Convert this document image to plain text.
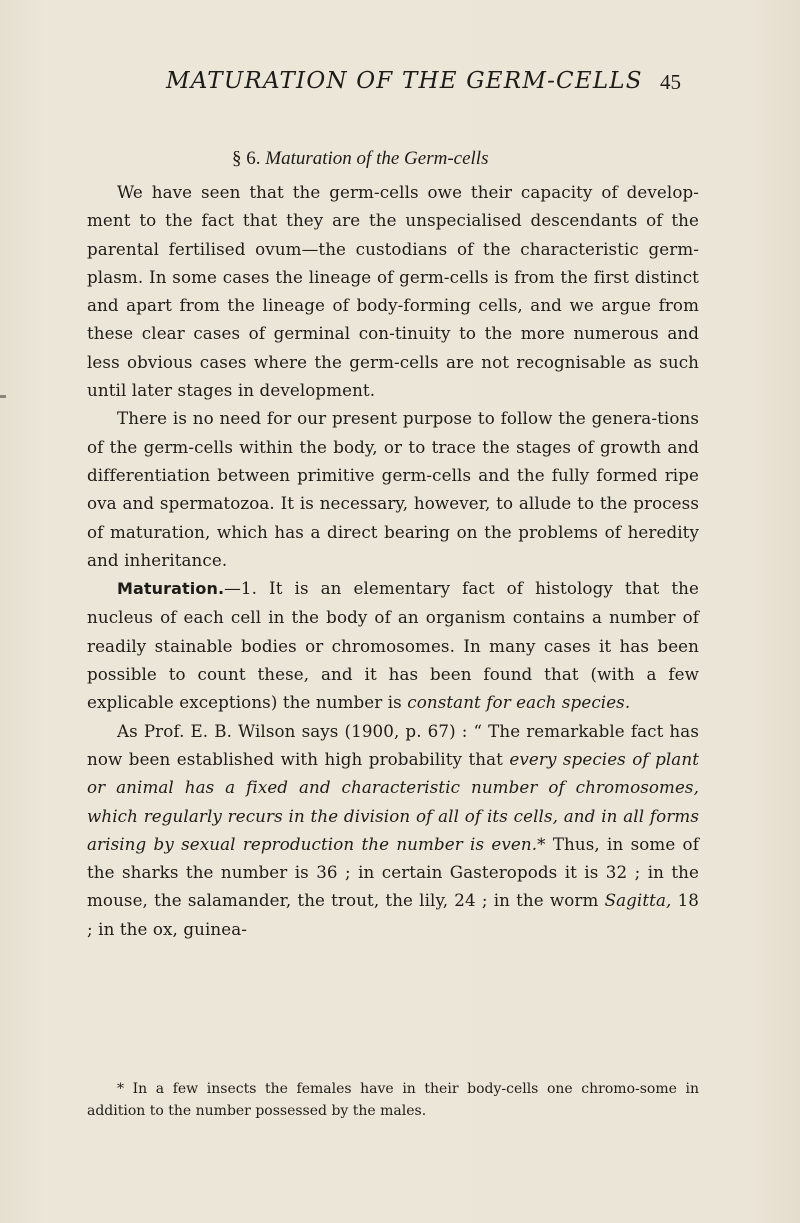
MATURATION OF THE GERM-CELLS 45
§ 6. Maturation of the Germ-cells

We have seen that the germ-cells owe their capacity of develop-ment to the fact that they are the unspecialised descendants of the parental fertilised ovum—the custodians of the characteristic germ-plasm. In some cases the lineage of germ-cells is from the first distinct and apart from the lineage of body-forming cells, and we argue from these clear cases of germinal con-tinuity to the more numerous and less obvious cases where the germ-cells are not recognisable as such until later stages in development.

There is no need for our present purpose to follow the genera-tions of the germ-cells within the body, or to trace the stages of growth and differentiation between primitive germ-cells and the fully formed ripe ova and spermatozoa. It is necessary, however, to allude to the process of maturation, which has a direct bearing on the problems of heredity and inheritance.

Maturation.—1. It is an elementary fact of histology that the nucleus of each cell in the body of an organism contains a number of readily stainable bodies or chromosomes. In many cases it has been possible to count these, and it has been found that (with a few explicable exceptions) the number is constant for each species.

As Prof. E. B. Wilson says (1900, p. 67) : “ The remarkable fact has now been established with high probability that every species of plant or animal has a fixed and characteristic number of chromosomes, which regularly recurs in the division of all of its cells, and in all forms arising by sexual reproduction the number is even.* Thus, in some of the sharks the number is 36 ; in certain Gasteropods it is 32 ; in the mouse, the salamander, the trout, the lily, 24 ; in the worm Sagitta, 18 ; in the ox, guinea-

* In a few insects the females have in their body-cells one chromo-some in addition to the number possessed by the males.
